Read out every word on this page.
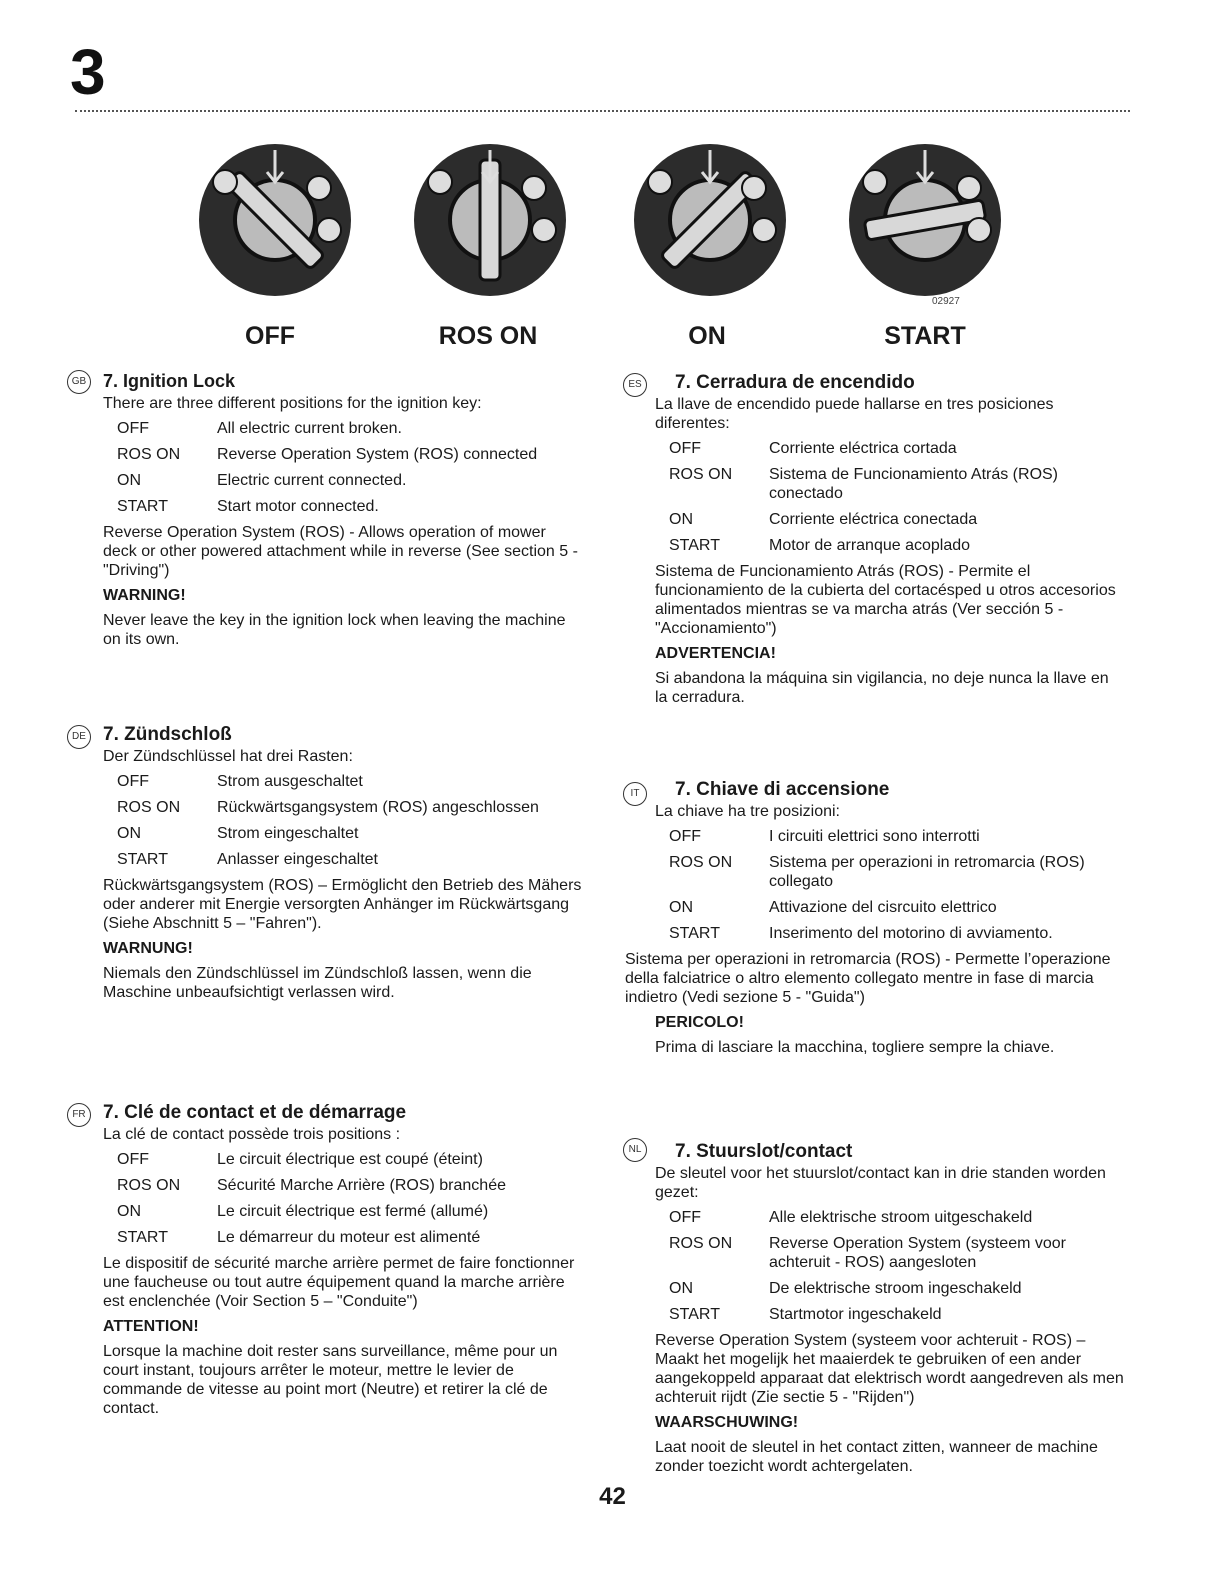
3
02927
OFF	ROS ON	ON	START
GB 7. Ignition Lock
There are three different positions for the ignition key:
OFF	All electric current broken.
ROS ON	Reverse Operation System (ROS) connected
ON	Electric current connected.
START	Start motor connected.
Reverse Operation System (ROS) - Allows operation of mower deck or other powered attachment while in reverse (See section 5 - "Driving")
WARNING!
Never leave the key in the ignition lock when leaving the machine on its own.
DE 7. Zündschloß
Der Zündschlüssel hat drei Rasten:
OFF	Strom ausgeschaltet
ROS ON	Rückwärtsgangsystem (ROS) angeschlossen
ON	Strom eingeschaltet
START	Anlasser eingeschaltet
Rückwärtsgangsystem (ROS) – Ermöglicht den Betrieb des Mähers oder anderer mit Energie versorgten Anhänger im Rückwärtsgang (Siehe Abschnitt 5 – "Fahren").
WARNUNG!
Niemals den Zündschlüssel im Zündschloß lassen, wenn die Maschine unbeaufsichtigt verlassen wird.
FR 7. Clé de contact et de démarrage
La clé de contact possède trois positions :
OFF	Le circuit électrique est coupé (éteint)
ROS ON	Sécurité Marche Arrière (ROS) branchée
ON	Le circuit électrique est fermé (allumé)
START	Le démarreur du moteur est alimenté
Le dispositif de sécurité marche arrière permet de faire fonctionner une faucheuse ou tout autre équipement quand la marche arrière est enclenchée (Voir Section 5 – "Conduite")
ATTENTION!
Lorsque la machine doit rester sans surveillance, même pour un court instant, toujours arrêter le moteur, mettre le levier de commande de vitesse au point mort (Neutre) et retirer la clé de contact.
ES 7. Cerradura de encendido
La llave de encendido puede hallarse en tres posiciones diferentes:
OFF	Corriente eléctrica cortada
ROS ON	Sistema de Funcionamiento Atrás (ROS) conectado
ON	Corriente eléctrica conectada
START	Motor de arranque acoplado
Sistema de Funcionamiento Atrás (ROS) - Permite el funcionamiento de la cubierta del cortacésped u otros accesorios alimentados mientras se va marcha atrás (Ver sección 5 - "Accionamiento")
ADVERTENCIA!
Si abandona la máquina sin vigilancia, no deje nunca la llave en la cerradura.
IT	7. Chiave di accensione
La chiave ha tre posizioni:
OFF	I circuiti elettrici sono interrotti
ROS ON	Sistema per operazioni in retromarcia (ROS) collegato
ON	Attivazione del cisrcuito elettrico
START	Inserimento del motorino di avviamento.
Sistema per operazioni in retromarcia (ROS) - Permette l’operazione della falciatrice o altro elemento collegato mentre in fase di marcia indietro (Vedi sezione 5 - "Guida")
PERICOLO!
Prima di lasciare la macchina, togliere sempre la chiave.
NL 7. Stuurslot/contact
De sleutel voor het stuurslot/contact kan in drie standen worden gezet:
OFF	Alle elektrische stroom uitgeschakeld
ROS ON	Reverse Operation System (systeem voor achteruit - ROS) aangesloten
ON	De elektrische stroom ingeschakeld
START	Startmotor ingeschakeld
Reverse Operation System (systeem voor achteruit - ROS) – Maakt het mogelijk het maaierdek te gebruiken of een ander aangekoppeld apparaat dat elektrisch wordt aangedreven als men achteruit rijdt (Zie sectie 5 - "Rijden")
WAARSCHUWING!
Laat nooit de sleutel in het contact zitten, wanneer de machine zonder toezicht wordt achtergelaten.
42
